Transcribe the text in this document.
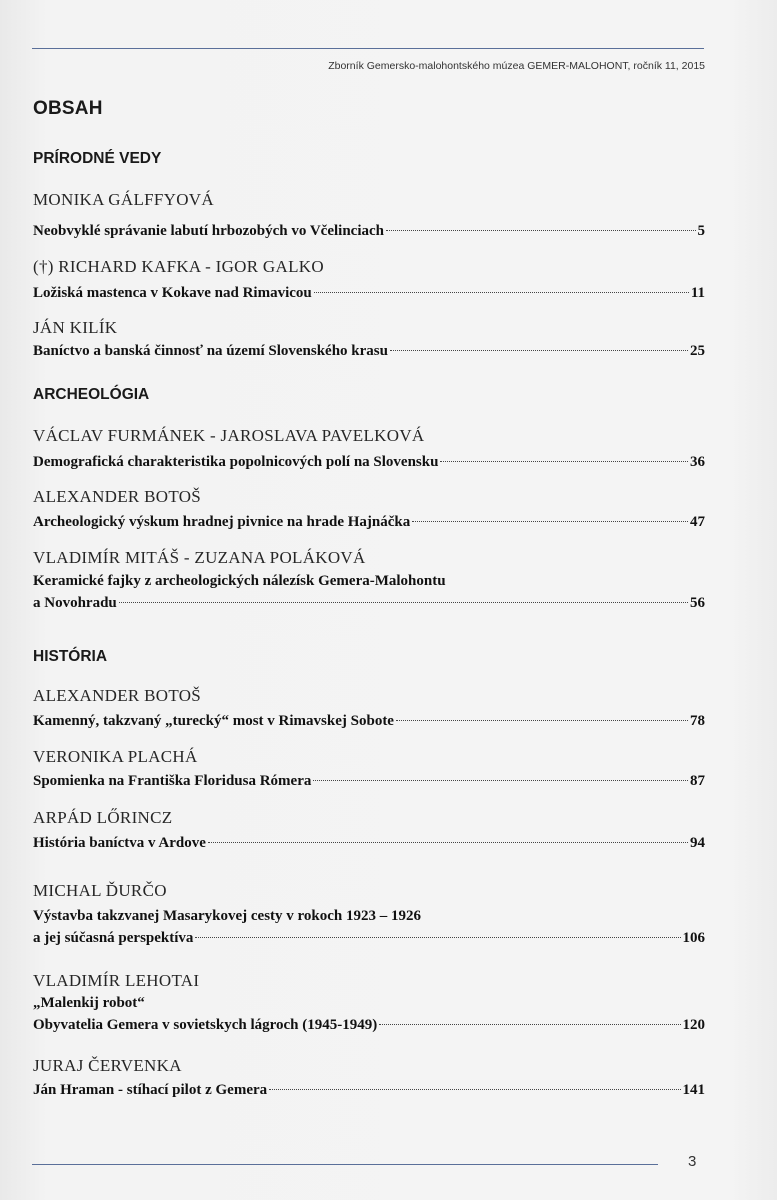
Zborník Gemersko-malohontského múzea GEMER-MALOHONT, ročník 11, 2015
OBSAH
PRÍRODNÉ VEDY
MONIKA GÁLFFYOVÁ
Neobvyklé správanie labutí hrbozobých vo Včelinciach	5
(†) RICHARD KAFKA - IGOR GALKO
Ložiská mastenca v Kokave nad Rimavicou	11
JÁN KILÍK
Baníctvo a banská činnosť na území Slovenského krasu	25
ARCHEOLÓGIA
VÁCLAV FURMÁNEK - JAROSLAVA PAVELKOVÁ
Demografická charakteristika popolnicových polí na Slovensku	36
ALEXANDER BOTOŠ
Archeologický výskum hradnej pivnice na hrade Hajnáčka	47
VLADIMÍR MITÁŠ - ZUZANA POLÁKOVÁ
Keramické fajky z archeologických nálezísk Gemera-Malohontu
a Novohradu	56
HISTÓRIA
ALEXANDER BOTOŠ
Kamenný, takzvaný „turecký“ most v Rimavskej Sobote	78
VERONIKA PLACHÁ
Spomienka na Františka Floridusa Rómera	87
ARPÁD LŐRINCZ
História baníctva v Ardove	94
MICHAL ĎURČO
Výstavba takzvanej Masarykovej cesty v rokoch 1923 – 1926
a jej súčasná perspektíva	106
VLADIMÍR LEHOTAI
„Malenkij robot“
Obyvatelia Gemera v sovietskych lágroch (1945-1949)	120
JURAJ ČERVENKA
Ján Hraman - stíhací pilot z Gemera	141
3
